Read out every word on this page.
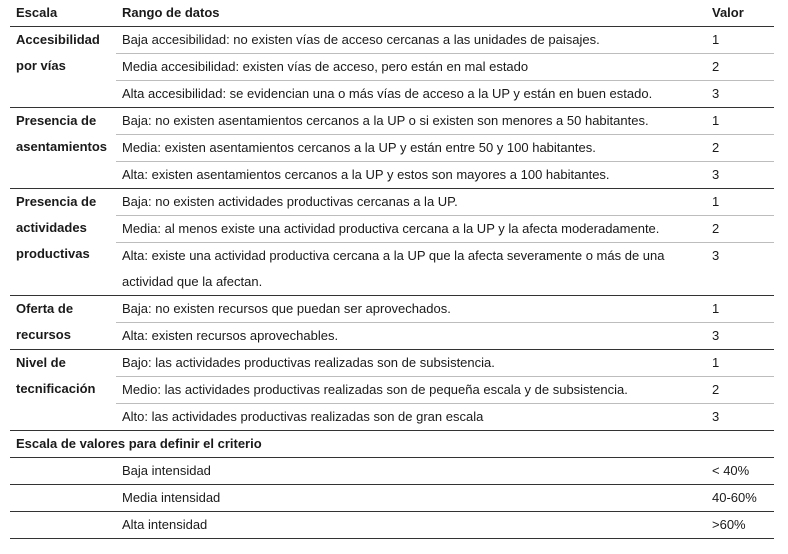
Escala	Rango de datos	Valor
Accesibilidad por vías	Baja accesibilidad: no existen vías de acceso cercanas a las unidades de paisajes.	1
	Media accesibilidad: existen vías de acceso, pero están en mal estado	2
	Alta accesibilidad: se evidencian una o más vías de acceso a la UP y están en buen estado.	3
Presencia de asentamientos	Baja: no existen asentamientos cercanos a la UP o si existen son menores a 50 habitantes.	1
	Media: existen asentamientos cercanos a la UP y están entre 50 y 100 habitantes.	2
	Alta: existen asentamientos cercanos a la UP y estos son mayores a 100 habitantes.	3
Presencia de actividades productivas	Baja: no existen actividades productivas cercanas a la UP.	1
	Media: al menos existe una actividad productiva cercana a la UP y la afecta moderadamente.	2
	Alta: existe una actividad productiva cercana a la UP que la afecta severamente o más de una actividad que la afectan.	3
Oferta de recursos	Baja: no existen recursos que puedan ser aprovechados.	1
	Alta: existen recursos aprovechables.	3
Nivel de tecnificación	Bajo: las actividades productivas realizadas son de subsistencia.	1
	Medio: las actividades productivas realizadas son de pequeña escala y de subsistencia.	2
	Alto: las actividades productivas realizadas son de gran escala	3
Escala de valores para definir el criterio		
	Baja intensidad	< 40%
	Media intensidad	40-60%
	Alta intensidad	>60%
